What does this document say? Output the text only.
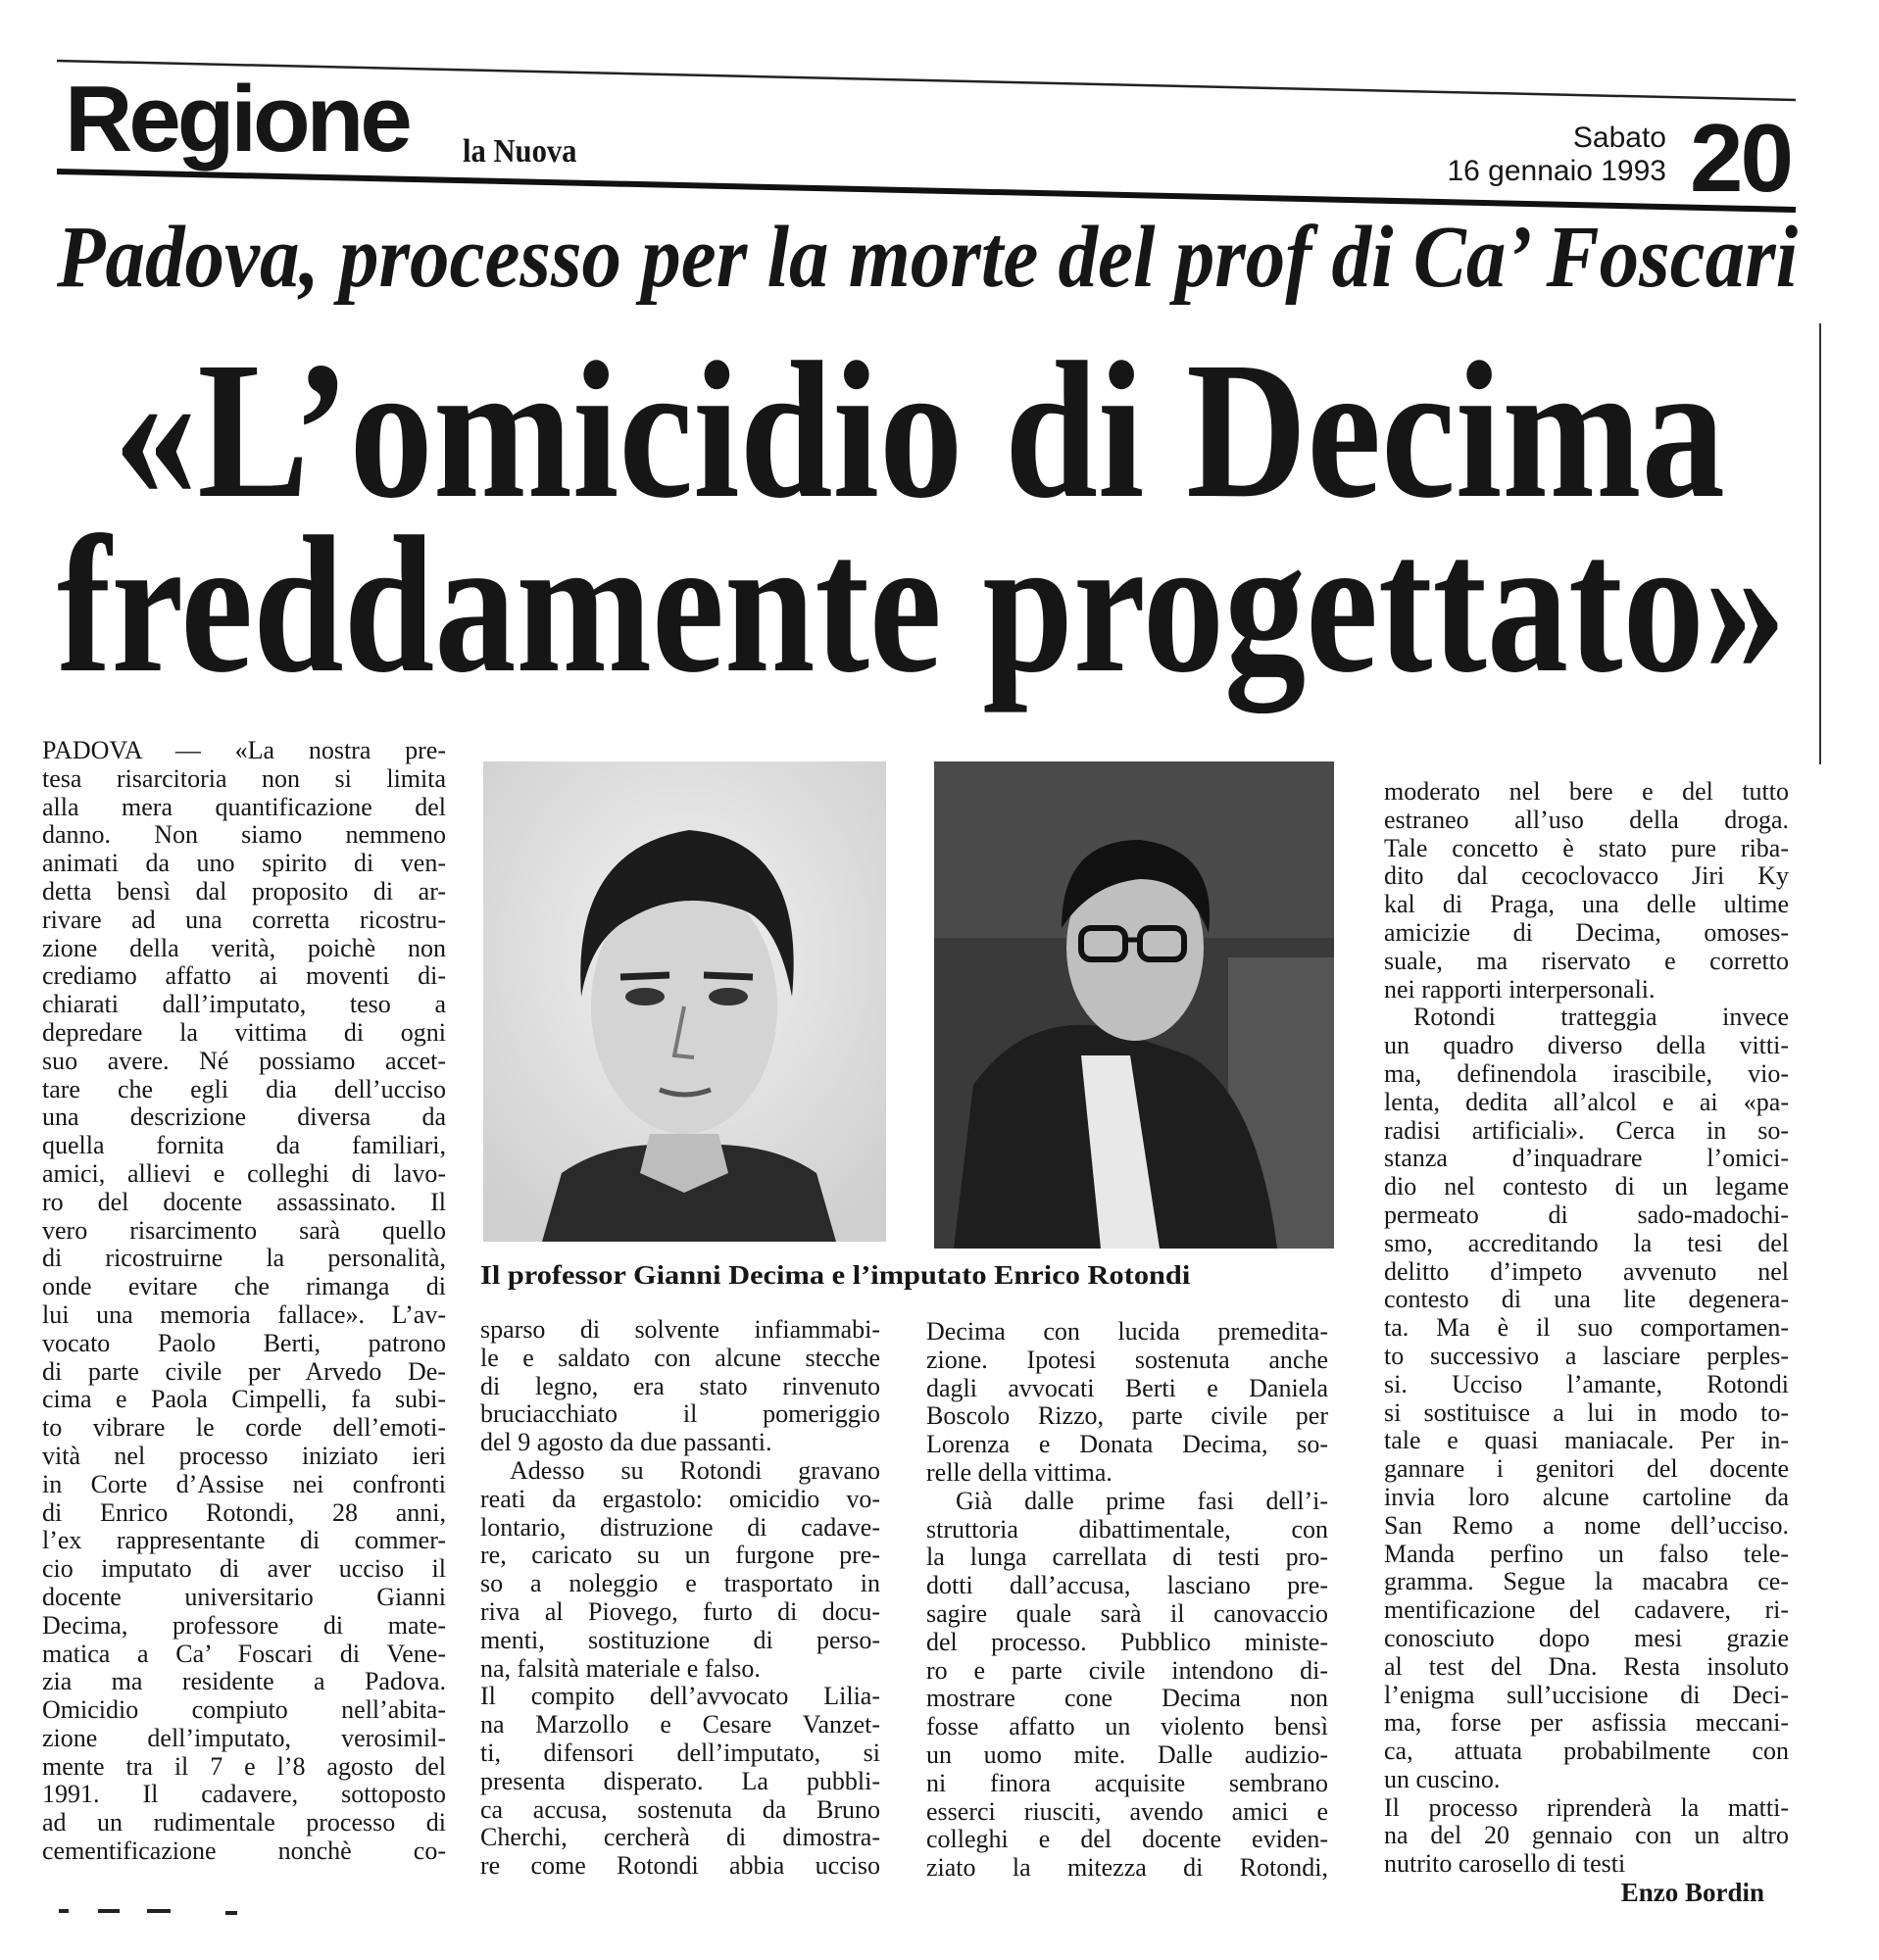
Regione la Nuova	Sabato
16 gennaio 1993 20
Padova, processo per la morte del prof di Ca’ Foscari
«L’omicidio di Decima
freddamente progettato»
Il professor Gianni Decima e l’imputato Enrico Rotondi
PADOVA — «La nostra pre-
tesa risarcitoria non si limita
alla mera quantificazione del
danno. Non siamo nemmeno
animati da uno spirito di ven-
detta bensì dal proposito di ar-
rivare ad una corretta ricostru-
zione della verità, poichè non
crediamo affatto ai moventi di-
chiarati dall’imputato, teso a
depredare la vittima di ogni
suo avere. Né possiamo accet-
tare che egli dia dell’ucciso
una descrizione diversa da
quella fornita da familiari,
amici, allievi e colleghi di lavo-
ro del docente assassinato. Il
vero risarcimento sarà quello
di ricostruirne la personalità,
onde evitare che rimanga di
lui una memoria fallace». L’av-
vocato Paolo Berti, patrono
di parte civile per Arvedo De-
cima e Paola Cimpelli, fa subi-
to vibrare le corde dell’emoti-
vità nel processo iniziato ieri
in Corte d’Assise nei confronti
di Enrico Rotondi, 28 anni,
l’ex rappresentante di commer-
cio imputato di aver ucciso il
docente universitario Gianni
Decima, professore di mate-
matica a Ca’ Foscari di Vene-
zia ma residente a Padova.
Omicidio compiuto nell’abita-
zione dell’imputato, verosimil-
mente tra il 7 e l’8 agosto del
1991. Il cadavere, sottoposto
ad un rudimentale processo di
cementificazione nonchè co-
sparso di solvente infiammabi-
le e saldato con alcune stecche
di legno, era stato rinvenuto
bruciacchiato il pomeriggio
del 9 agosto da due passanti.
Adesso su Rotondi gravano
reati da ergastolo: omicidio vo-
lontario, distruzione di cadave-
re, caricato su un furgone pre-
so a noleggio e trasportato in
riva al Piovego, furto di docu-
menti, sostituzione di perso-
na, falsità materiale e falso.
Il compito dell’avvocato Lilia-
na Marzollo e Cesare Vanzet-
ti, difensori dell’imputato, si
presenta disperato. La pubbli-
ca accusa, sostenuta da Bruno
Cherchi, cercherà di dimostra-
re come Rotondi abbia ucciso
Decima con lucida premedita-
zione. Ipotesi sostenuta anche
dagli avvocati Berti e Daniela
Boscolo Rizzo, parte civile per
Lorenza e Donata Decima, so-
relle della vittima.
Già dalle prime fasi dell’i-
struttoria dibattimentale, con
la lunga carrellata di testi pro-
dotti dall’accusa, lasciano pre-
sagire quale sarà il canovaccio
del processo. Pubblico ministe-
ro e parte civile intendono di-
mostrare cone Decima non
fosse affatto un violento bensì
un uomo mite. Dalle audizio-
ni finora acquisite sembrano
esserci riusciti, avendo amici e
colleghi e del docente eviden-
ziato la mitezza di Rotondi,
moderato nel bere e del tutto
estraneo all’uso della droga.
Tale concetto è stato pure riba-
dito dal cecoclovacco Jiri Ky
kal di Praga, una delle ultime
amicizie di Decima, omoses-
suale, ma riservato e corretto
nei rapporti interpersonali.
Rotondi tratteggia invece
un quadro diverso della vitti-
ma, definendola irascibile, vio-
lenta, dedita all’alcol e ai «pa-
radisi artificiali». Cerca in so-
stanza d’inquadrare l’omici-
dio nel contesto di un legame
permeato di sado-madochi-
smo, accreditando la tesi del
delitto d’impeto avvenuto nel
contesto di una lite degenera-
ta. Ma è il suo comportamen-
to successivo a lasciare perples-
si. Ucciso l’amante, Rotondi
si sostituisce a lui in modo to-
tale e quasi maniacale. Per in-
gannare i genitori del docente
invia loro alcune cartoline da
San Remo a nome dell’ucciso.
Manda perfino un falso tele-
gramma. Segue la macabra ce-
mentificazione del cadavere, ri-
conosciuto dopo mesi grazie
al test del Dna. Resta insoluto
l’enigma sull’uccisione di Deci-
ma, forse per asfissia meccani-
ca, attuata probabilmente con
un cuscino.
Il processo riprenderà la matti-
na del 20 gennaio con un altro
nutrito carosello di testi
Enzo Bordin
